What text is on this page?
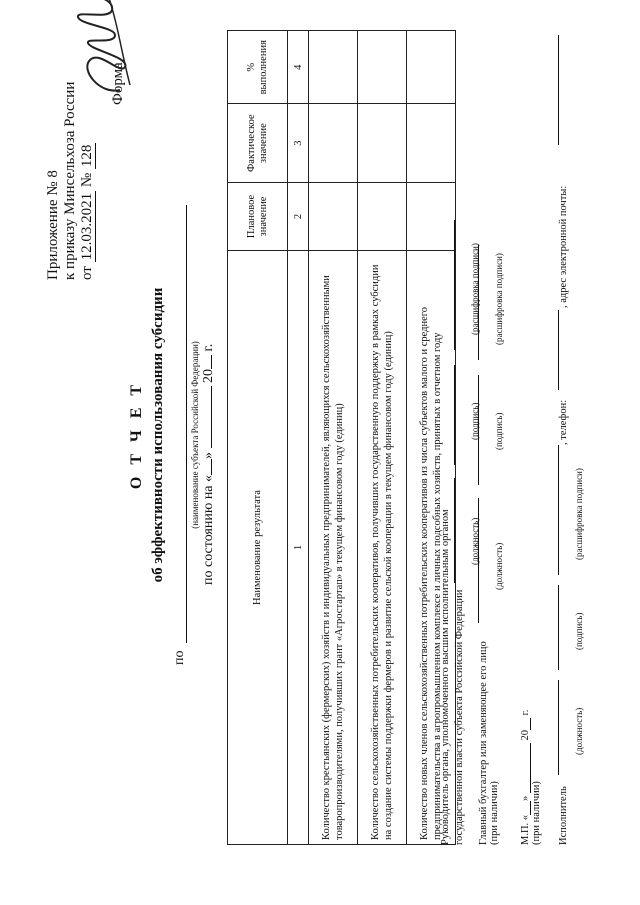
Приложение № 8 к приказу Минсельхоза России от 12.03.2021 № 128
Форма
О Т Ч Е Т об эффективности использования субсидии
по
(наименование субъекта Российской Федерации)
по состоянию на «»  20 г.
Наименование результата	Плановое значение	Фактическое значение	% выполнения
1	2	3	4
Количество крестьянских (фермерских) хозяйств и индивидуальных предпринимателей, являющихся сельскохозяйственными товаропроизводителями, получивших грант «Агростартап» в текущем финансовом году (единиц)			
Количество сельскохозяйственных потребительских кооперативов, получивших государственную поддержку в рамках субсидии на создание системы поддержки фермеров и развитие сельской кооперации в текущем финансовом году (единиц)			
Количество новых членов сельскохозяйственных потребительских кооперативов из числа субъектов малого и среднего предпринимательства в агропромышленном комплексе и личных подсобных хозяйств, принятых в отчетном году			
Руководитель органа, уполномоченного высшим исполнительным органом государственной власти субъекта Российской Федерации
(должность)
(подпись)
(расшифровка подписи)
Главный бухгалтер или заменяющее его лицо (при наличии)
(должность)
(подпись)
(расшифровка подписи)
М.П. «»  20 г.
(при наличии) Исполнитель
, телефон:
, адрес электронной почты:
(должность)
(подпись)
(расшифровка подписи)
